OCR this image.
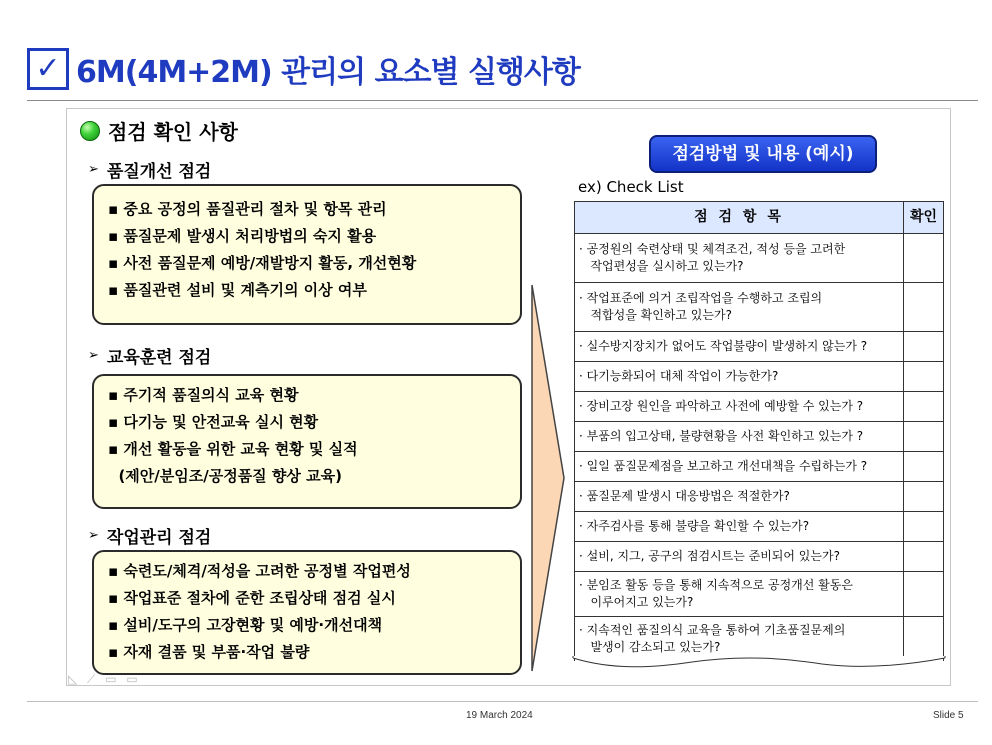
✓ 6M(4M+2M) 관리의 요소별 실행사항
점검 확인 사항
➢ 품질개선 점검
▪ 중요 공정의 품질관리 절차 및 항목 관리
▪ 품질문제 발생시 처리방법의 숙지 활용
▪ 사전 품질문제 예방/재발방지 활동, 개선현황
▪ 품질관련 설비 및 계측기의 이상 여부
➢ 교육훈련 점검
▪ 주기적 품질의식 교육 현황
▪ 다기능 및 안전교육 실시 현황
▪ 개선 활동을 위한 교육 현황 및 실적
(제안/분임조/공정품질 향상 교육)
➢ 작업관리 점검
▪ 숙련도/체격/적성을 고려한 공정별 작업편성
▪ 작업표준 절차에 준한 조립상태 점검 실시
▪ 설비/도구의 고장현황 및 예방·개선대책
▪ 자재 결품 및 부품·작업 불량
점검방법 및 내용 (예시)
ex) Check List
점 검 항 목	확인
· 공정원의 숙련상태 및 체격조건, 적성 등을 고려한
작업편성을 실시하고 있는가?
· 작업표준에 의거 조립작업을 수행하고 조립의
적합성을 확인하고 있는가?
· 실수방지장치가 없어도 작업불량이 발생하지 않는가 ?
· 다기능화되어 대체 작업이 가능한가?
· 장비고장 원인을 파악하고 사전에 예방할 수 있는가 ?
· 부품의 입고상태, 불량현황을 사전 확인하고 있는가 ?
· 일일 품질문제점을 보고하고 개선대책을 수립하는가 ?
· 품질문제 발생시 대응방법은 적절한가?
· 자주검사를 통해 불량을 확인할 수 있는가?
· 설비, 지그, 공구의 점검시트는 준비되어 있는가?
· 분임조 활동 등을 통해 지속적으로 공정개선 활동은
이루어지고 있는가?
· 지속적인 품질의식 교육을 통하여 기초품질문제의
발생이 감소되고 있는가?
◺ ⟋ ▭ ▭
19 March 2024	Slide 5
